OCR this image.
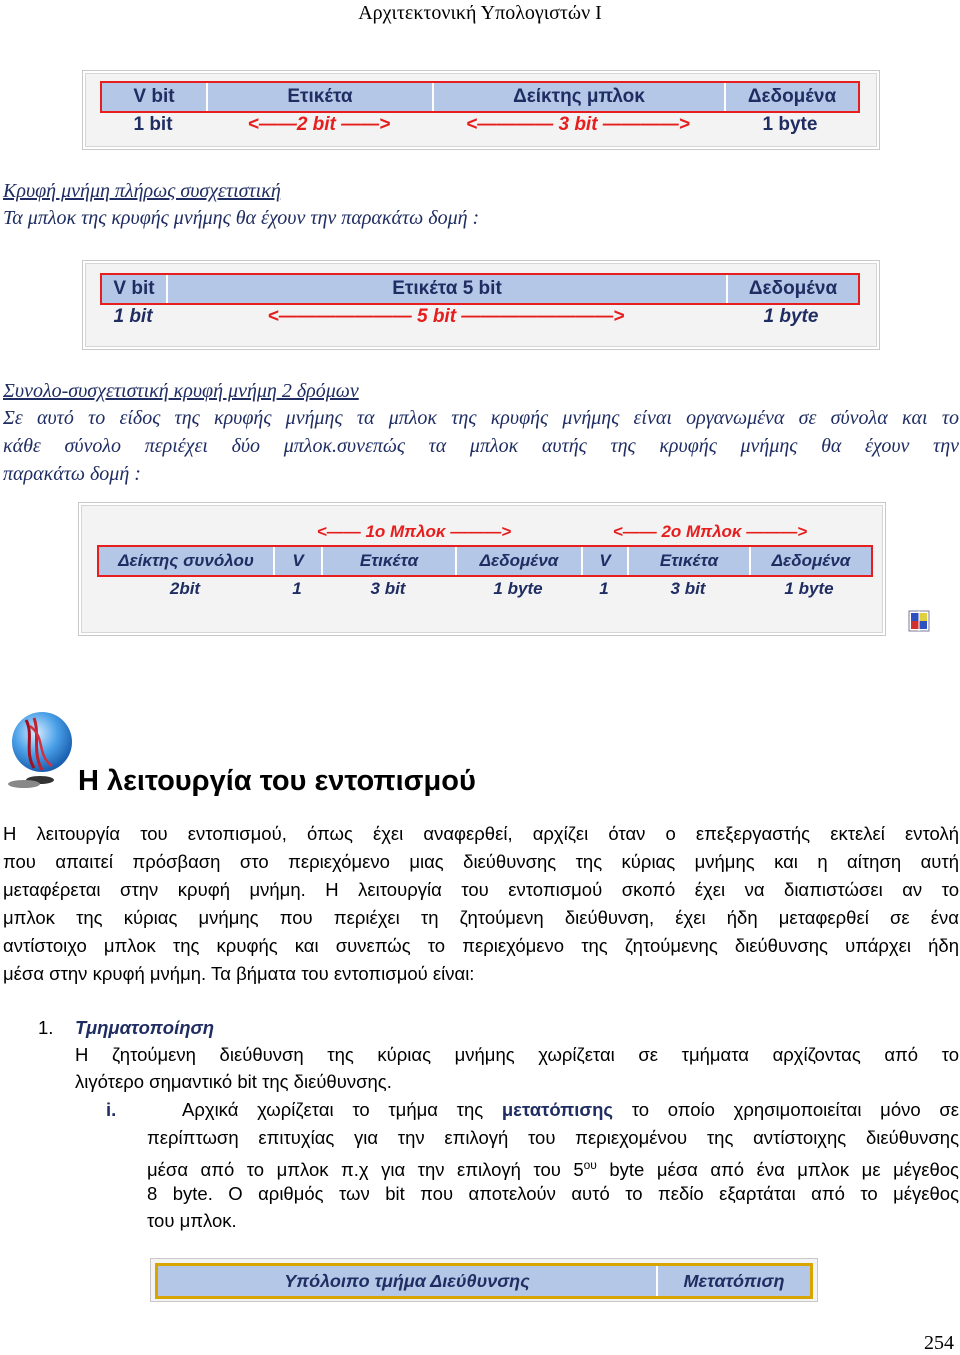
Αρχιτεκτονική Υπολογιστών Ι
V bit	Ετικέτα	Δείκτης μπλοκ	Δεδομένα
1 bit	<——2 bit ——>	<———— 3 bit ————>	1 byte
Κρυφή μνήμη πλήρως συσχετιστική
Τα μπλοκ της κρυφής μνήμης θα έχουν την παρακάτω δομή :
V bit	Ετικέτα 5 bit	Δεδομένα
1 bit	<——————— 5 bit ————————>	1 byte
Συνολο-συσχετιστική κρυφή μνήμη 2 δρόμων
Σε αυτό το είδος της κρυφής μνήμης τα μπλοκ της κρυφής μνήμης είναι οργανωμένα σε σύνολα και το
κάθε σύνολο περιέχει δύο μπλοκ.συνεπώς τα μπλοκ αυτής της κρυφής μνήμης θα έχουν την
παρακάτω δομή :
<—— 1ο Μπλοκ ———>	<—— 2ο Μπλοκ ———>
Δείκτης συνόλου	V	Ετικέτα	Δεδομένα	V	Ετικέτα	Δεδομένα
2bit	1	3 bit	1 byte	1	3 bit	1 byte
Η λειτουργία του εντοπισμού
Η λειτουργία του εντοπισμού, όπως έχει αναφερθεί, αρχίζει όταν ο επεξεργαστής εκτελεί εντολή
που απαιτεί πρόσβαση στο περιεχόμενο μιας διεύθυνσης της κύριας μνήμης και η αίτηση αυτή
μεταφέρεται στην κρυφή μνήμη. Η λειτουργία του εντοπισμού σκοπό έχει να διαπιστώσει αν το
μπλοκ της κύριας μνήμης που περιέχει τη ζητούμενη διεύθυνση, έχει ήδη μεταφερθεί σε ένα
αντίστοιχο μπλοκ της κρυφής και συνεπώς το περιεχόμενο της ζητούμενης διεύθυνσης υπάρχει ήδη
μέσα στην κρυφή μνήμη. Τα βήματα του εντοπισμού είναι:
1. Τμηματοποίηση
Η ζητούμενη διεύθυνση της κύριας μνήμης χωρίζεται σε τμήματα αρχίζοντας από το
λιγότερο σημαντικό bit της διεύθυνσης.
i.	Αρχικά χωρίζεται το τμήμα της μετατόπισης το οποίο χρησιμοποιείται μόνο σε
περίπτωση επιτυχίας για την επιλογή του περιεχομένου της αντίστοιχης διεύθυνσης
μέσα από το μπλοκ π.χ για την επιλογή του $5^{o\upsilon}$ byte μέσα από ένα μπλοκ με μέγεθος
8 byte. Ο αριθμός των bit που αποτελούν αυτό το πεδίο εξαρτάται από το μέγεθος
του μπλοκ.
Υπόλοιπο τμήμα Διεύθυνσης	Μετατόπιση
254
